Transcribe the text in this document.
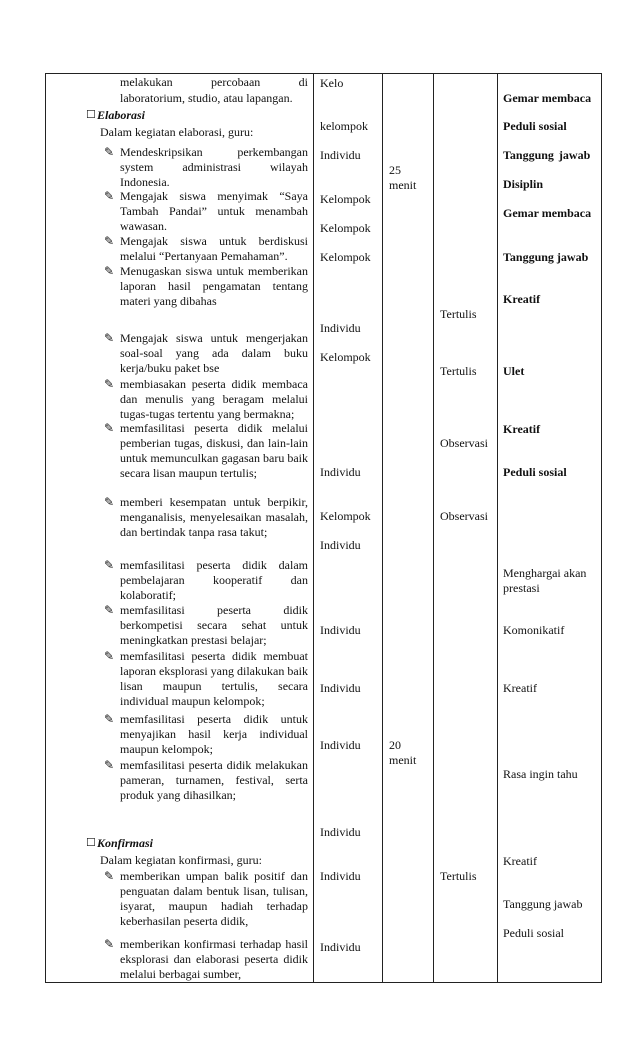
melakukan percobaan di
laboratorium, studio, atau lapangan.
☐ Elaborasi
Dalam kegiatan elaborasi, guru:
✎ Mendeskripsikan perkembangan system administrasi wilayah Indonesia.
✎ Mengajak siswa menyimak “Saya Tambah Pandai” untuk menambah wawasan.
✎ Mengajak siswa untuk berdiskusi melalui “Pertanyaan Pemahaman”.
✎ Menugaskan siswa untuk memberikan laporan hasil pengamatan tentang materi yang dibahas
✎ Mengajak siswa untuk mengerjakan soal-soal yang ada dalam buku kerja/buku paket bse
✎ membiasakan peserta didik membaca dan menulis yang beragam melalui tugas-tugas tertentu yang bermakna;
✎ memfasilitasi peserta didik melalui pemberian tugas, diskusi, dan lain-lain untuk memunculkan gagasan baru baik secara lisan maupun tertulis;
✎ memberi kesempatan untuk berpikir, menganalisis, menyelesaikan masalah, dan bertindak tanpa rasa takut;
✎ memfasilitasi peserta didik dalam pembelajaran kooperatif dan kolaboratif;
✎ memfasilitasi peserta didik berkompetisi secara sehat untuk meningkatkan prestasi belajar;
✎ memfasilitasi peserta didik membuat laporan eksplorasi yang dilakukan baik lisan maupun tertulis, secara individual maupun kelompok;
✎ memfasilitasi peserta didik untuk menyajikan hasil kerja individual maupun kelompok;
✎ memfasilitasi peserta didik melakukan pameran, turnamen, festival, serta produk yang dihasilkan;
☐ Konfirmasi
Dalam kegiatan konfirmasi, guru:
✎ memberikan umpan balik positif dan penguatan dalam bentuk lisan, tulisan, isyarat, maupun hadiah terhadap keberhasilan peserta didik,
✎ memberikan konfirmasi terhadap hasil eksplorasi dan elaborasi peserta didik melalui berbagai sumber,
Kelo
kelompok
Individu
Kelompok
Kelompok
Kelompok
Individu
Kelompok
Individu
Kelompok
Individu
Individu
Individu
Individu
Individu
Individu
Individu
25
menit
20
menit
Tertulis
Tertulis
Observasi
Observasi
Tertulis
Gemar membaca
Peduli sosial
Tanggung jawab
Disiplin
Gemar membaca
Tanggung jawab
Kreatif
Ulet
Kreatif
Peduli sosial
Menghargai akan
prestasi
Komonikatif
Kreatif
Rasa ingin tahu
Kreatif
Tanggung jawab
Peduli sosial
